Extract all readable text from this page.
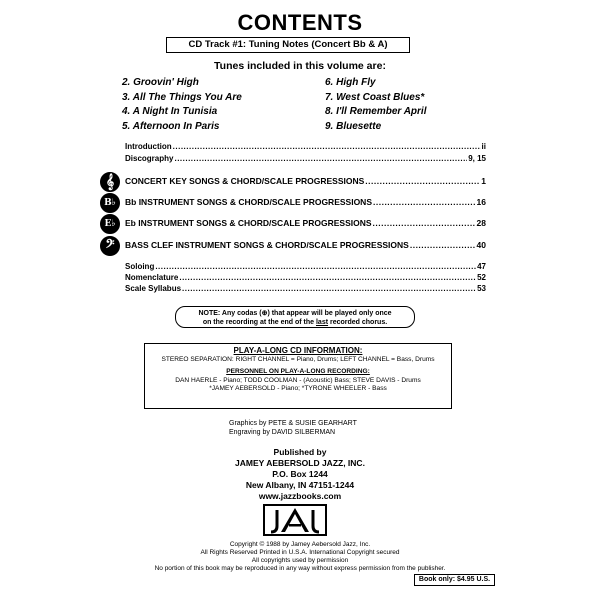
CONTENTS
CD Track #1: Tuning Notes (Concert Bb & A)
Tunes included in this volume are:
2. Groovin' High
3. All The Things You Are
4. A Night In Tunisia
5. Afternoon In Paris
6. High Fly
7. West Coast Blues*
8. I'll Remember April
9. Bluesette
Introduction .....	ii
Discography .....	9, 15
𝄞	CONCERT KEY SONGS & CHORD/SCALE PROGRESSIONS .....	1
B♭	Bb INSTRUMENT SONGS & CHORD/SCALE PROGRESSIONS .....	16
E♭	Eb INSTRUMENT SONGS & CHORD/SCALE PROGRESSIONS .....	28
𝄢	BASS CLEF INSTRUMENT SONGS & CHORD/SCALE PROGRESSIONS .....	40
Soloing .....	47
Nomenclature .....	52
Scale Syllabus .....	53
NOTE: Any codas (⊕) that appear will be played only once
on the recording at the end of the last recorded chorus.
PLAY-A-LONG CD INFORMATION:
STEREO SEPARATION: RIGHT CHANNEL = Piano, Drums; LEFT CHANNEL = Bass, Drums
PERSONNEL ON PLAY-A-LONG RECORDING:
DAN HAERLE - Piano; TODD COOLMAN - (Acoustic) Bass; STEVE DAVIS - Drums
*JAMEY AEBERSOLD - Piano; *TYRONE WHEELER - Bass
Graphics by PETE & SUSIE GEARHART
Engraving by DAVID SILBERMAN
Published by
JAMEY AEBERSOLD JAZZ, INC.
P.O. Box 1244
New Albany, IN 47151-1244
www.jazzbooks.com
Copyright © 1988 by Jamey Aebersold Jazz, Inc.
All Rights Reserved Printed in U.S.A. International Copyright secured
All copyrights used by permission
No portion of this book may be reproduced in any way without express permission from the publisher.
Book only: $4.95 U.S.
